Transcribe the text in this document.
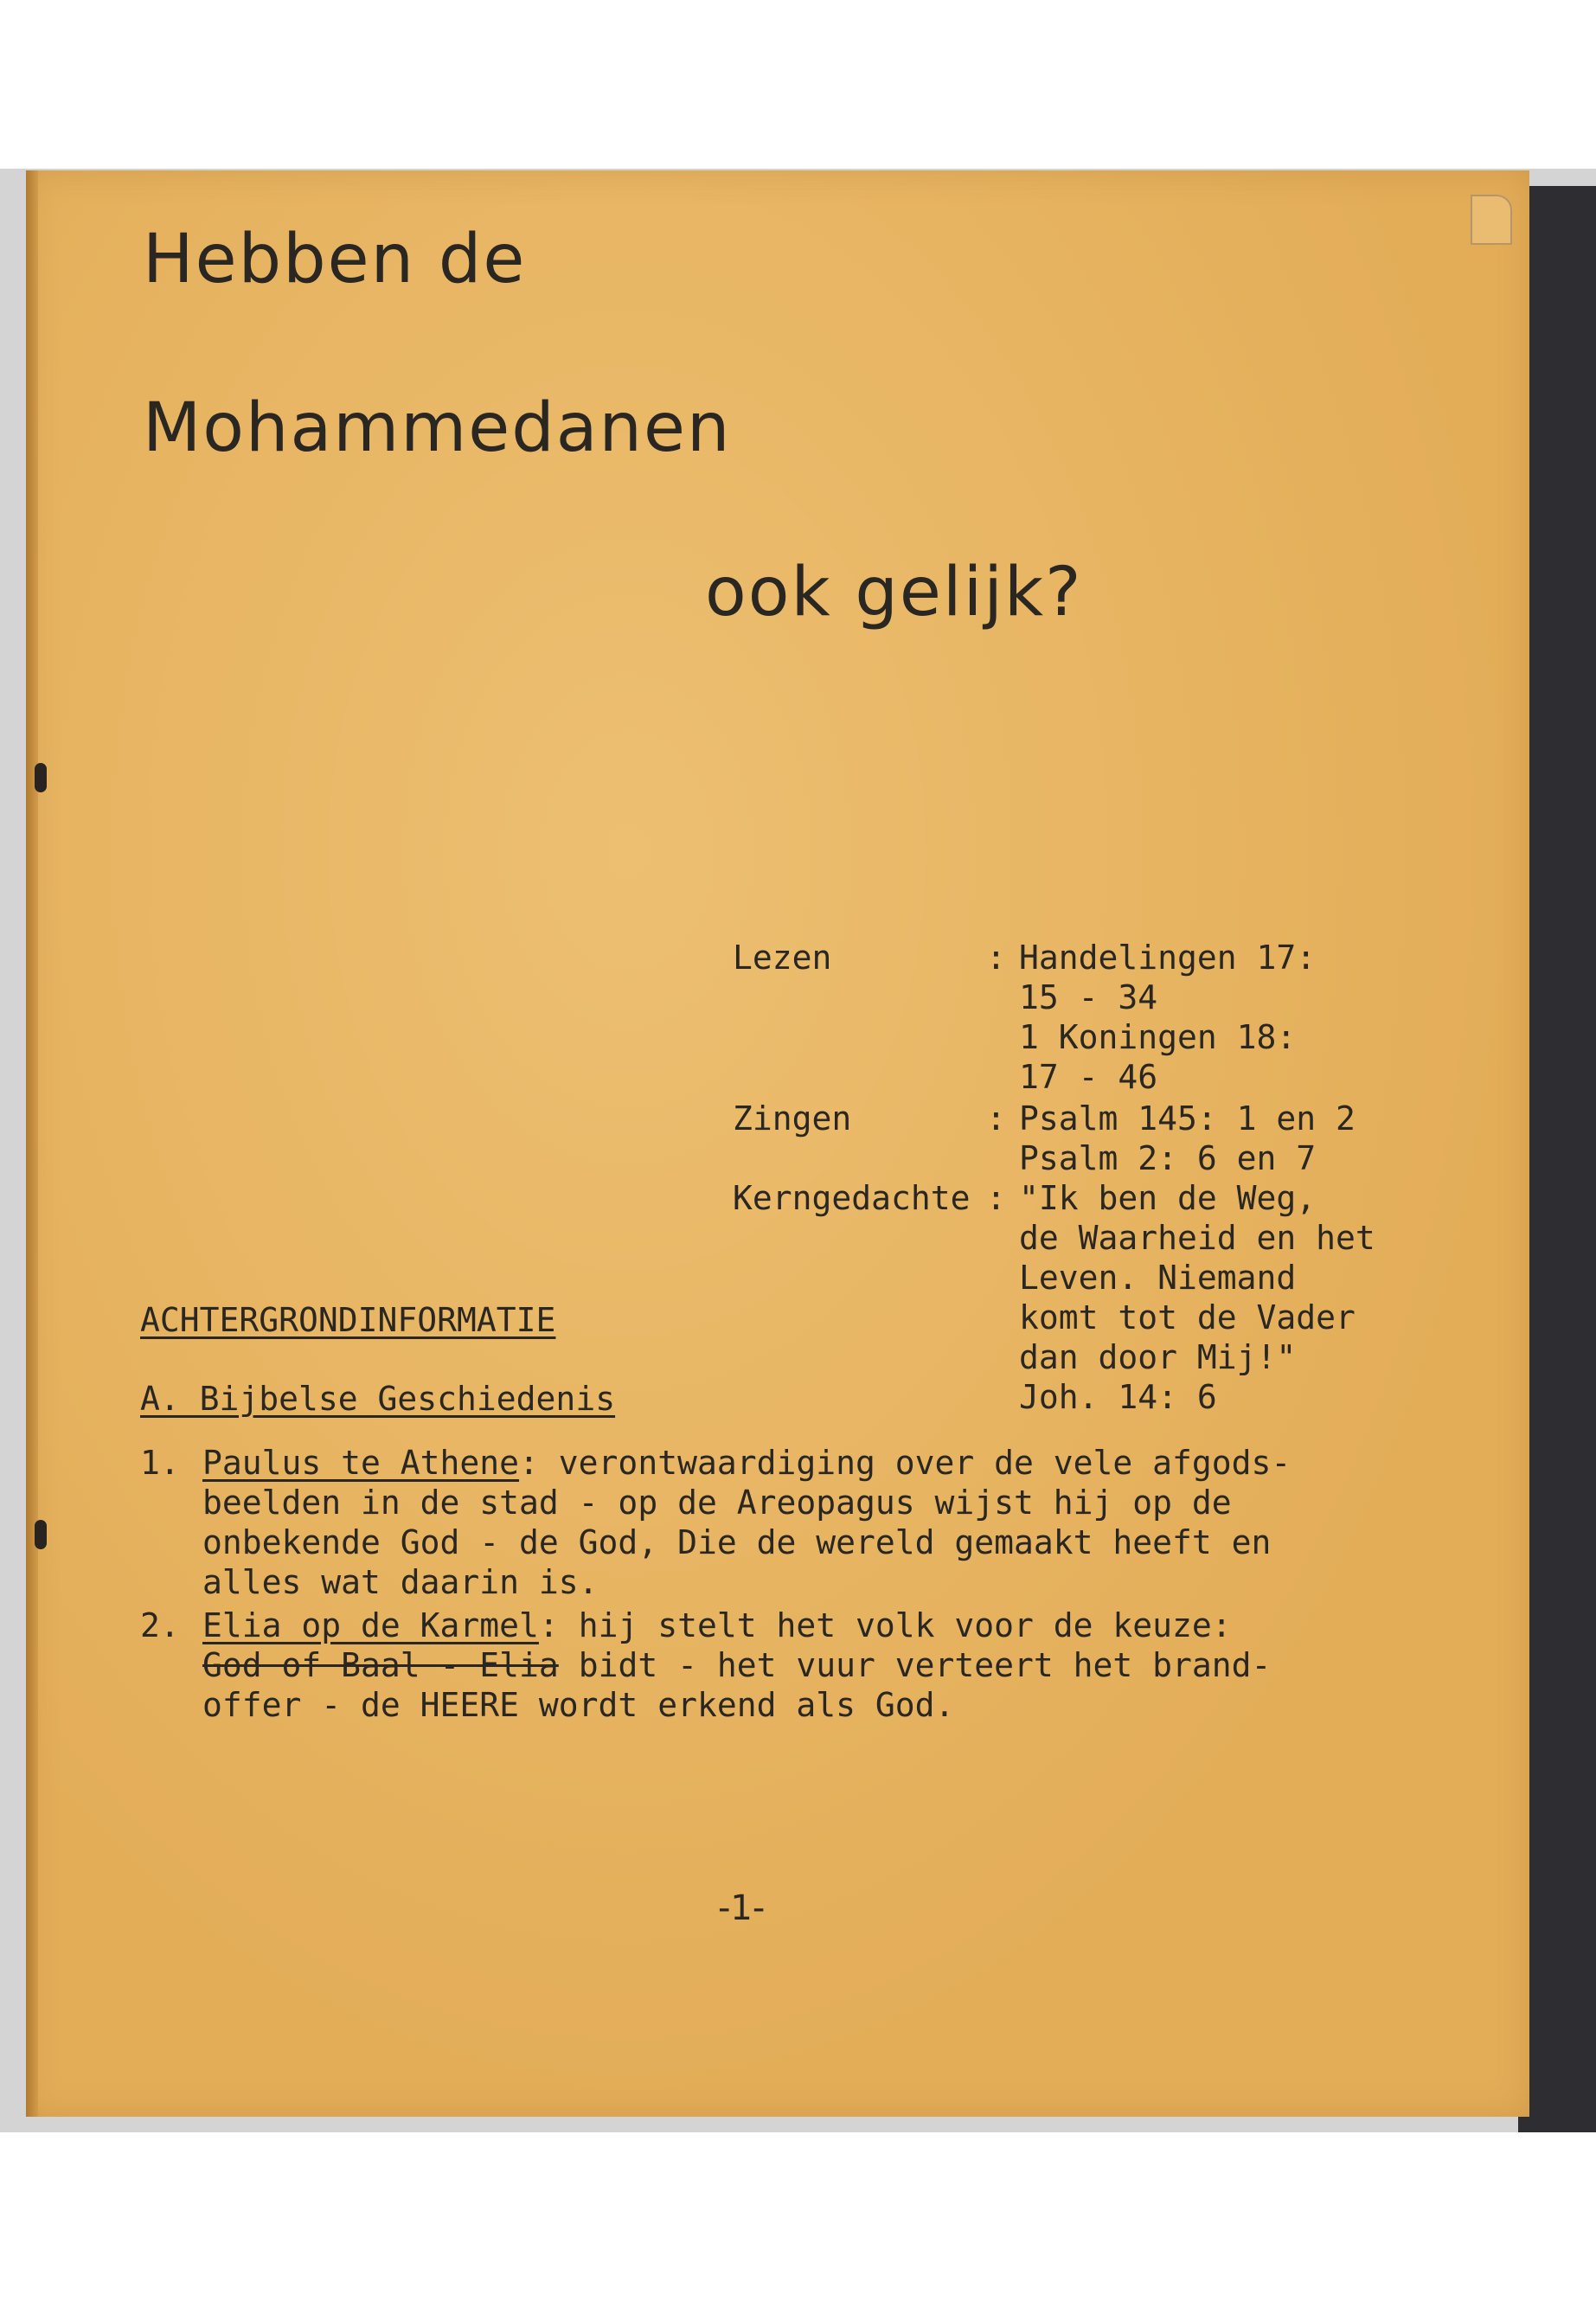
Hebben de
Mohammedanen
ook gelijk?
Lezen	: Handelingen 17:
15 - 34
1 Koningen 18:
17 - 46
Zingen	: Psalm 145: 1 en 2
Psalm 2: 6 en 7
Kerngedachte : "Ik ben de Weg,
de Waarheid en het
Leven. Niemand
komt tot de Vader
dan door Mij!"
Joh. 14: 6
ACHTERGRONDINFORMATIE
A. Bijbelse Geschiedenis
1. Paulus te Athene: verontwaardiging over de vele afgods-
beelden in de stad - op de Areopagus wijst hij op de
onbekende God - de God, Die de wereld gemaakt heeft en
alles wat daarin is.
2. Elia op de Karmel: hij stelt het volk voor de keuze:
God of Baal - Elia bidt - het vuur verteert het brand-
offer - de HEERE wordt erkend als God.
-1-
